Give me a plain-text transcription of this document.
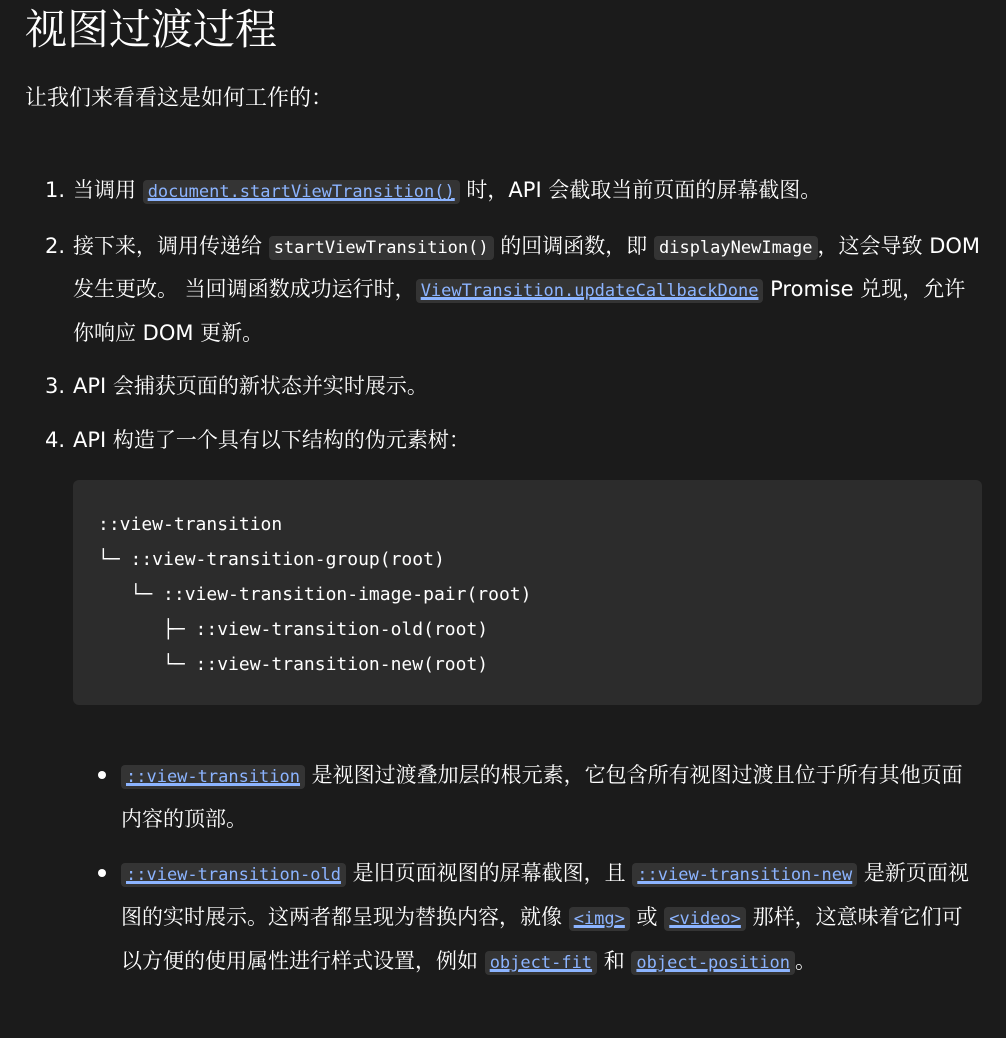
视图过渡过程

让我们来看看这是如何工作的：

1. 当调用 document.startViewTransition() 时，API 会截取当前页面的屏幕截图。
2. 接下来，调用传递给 startViewTransition() 的回调函数，即 displayNewImage ，这会导致 DOM 发生更改。 当回调函数成功运行时， ViewTransition.updateCallbackDone Promise 兑现，允许你响应 DOM 更新。
3. API 会捕获页面的新状态并实时展示。
4. API 构造了一个具有以下结构的伪元素树：
::view-transition
└─ ::view-transition-group(root)
└─ ::view-transition-image-pair(root)
├─ ::view-transition-old(root)
└─ ::view-transition-new(root)
::view-transition 是视图过渡叠加层的根元素，它包含所有视图过渡且位于所有其他页面内容的顶部。
::view-transition-old 是旧页面视图的屏幕截图，且 ::view-transition-new 是新页面视图的实时展示。这两者都呈现为替换内容，就像 <img> 或 <video> 那样，这意味着它们可以方便的使用属性进行样式设置，例如 object-fit 和 object-position 。
